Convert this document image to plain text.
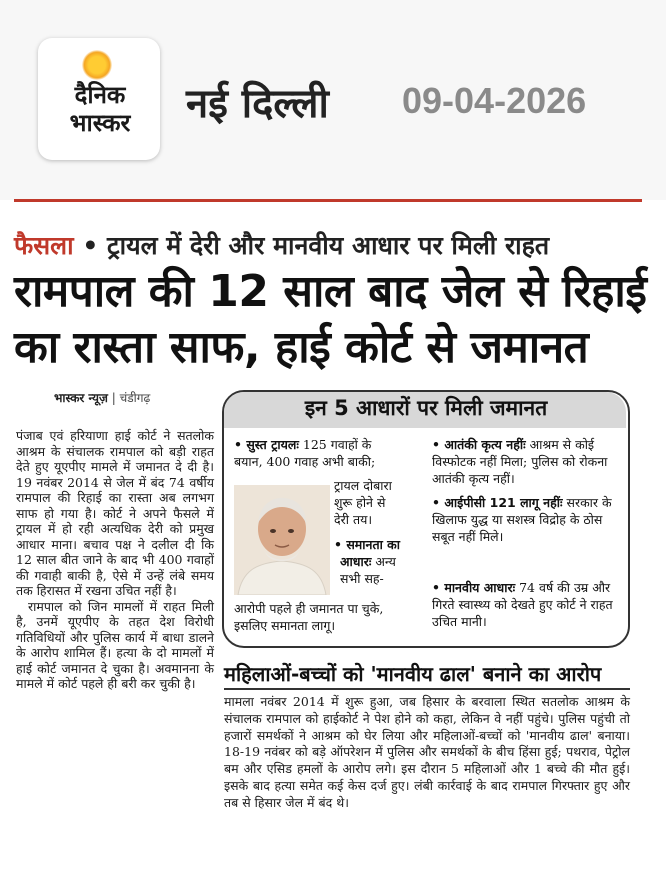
दैनिक
भास्कर	नई दिल्ली 09-04-2026
फैसला • ट्रायल में देरी और मानवीय आधार पर मिली राहत
रामपाल की 12 साल बाद जेल से रिहाई
का रास्ता साफ, हाई कोर्ट से जमानत
भास्कर न्यूज़ | चंडीगढ़

पंजाब एवं हरियाणा हाई कोर्ट ने सतलोक आश्रम के संचालक रामपाल को बड़ी राहत देते हुए यूएपीए मामले में जमानत दे दी है। 19 नवंबर 2014 से जेल में बंद 74 वर्षीय रामपाल की रिहाई का रास्ता अब लगभग साफ हो गया है। कोर्ट ने अपने फैसले में ट्रायल में हो रही अत्यधिक देरी को प्रमुख आधार माना। बचाव पक्ष ने दलील दी कि 12 साल बीत जाने के बाद भी 400 गवाहों की गवाही बाकी है, ऐसे में उन्हें लंबे समय तक हिरासत में रखना उचित नहीं है।

रामपाल को जिन मामलों में राहत मिली है, उनमें यूएपीए के तहत देश विरोधी गतिविधियों और पुलिस कार्य में बाधा डालने के आरोप शामिल हैं। हत्या के दो मामलों में हाई कोर्ट जमानत दे चुका है। अवमानना के मामले में कोर्ट पहले ही बरी कर चुकी है।

इन 5 आधारों पर मिली जमानत
• सुस्त ट्रायलः 125 गवाहों के
बयान, 400 गवाह अभी बाकी;
ट्रायल दोबारा
शुरू होने से
देरी तय।
• समानता का
आधारः अन्य
सभी सह-
आरोपी पहले ही जमानत पा चुके,
इसलिए समानता लागू।
• आतंकी कृत्य नहींः आश्रम से कोई विस्फोटक नहीं मिला; पुलिस को रोकना आतंकी कृत्य नहीं।
• आईपीसी 121 लागू नहींः सरकार के खिलाफ युद्ध या सशस्त्र विद्रोह के ठोस सबूत नहीं मिले।
• मानवीय आधारः 74 वर्ष की उम्र और गिरते स्वास्थ्य को देखते हुए कोर्ट ने राहत उचित मानी।
महिलाओं-बच्चों को 'मानवीय ढाल' बनाने का आरोप
मामला नवंबर 2014 में शुरू हुआ, जब हिसार के बरवाला स्थित सतलोक आश्रम के संचालक रामपाल को हाईकोर्ट ने पेश होने को कहा, लेकिन वे नहीं पहुंचे। पुलिस पहुंची तो हजारों समर्थकों ने आश्रम को घेर लिया और महिलाओं-बच्चों को 'मानवीय ढाल' बनाया। 18-19 नवंबर को बड़े ऑपरेशन में पुलिस और समर्थकों के बीच हिंसा हुई; पथराव, पेट्रोल बम और एसिड हमलों के आरोप लगे। इस दौरान 5 महिलाओं और 1 बच्चे की मौत हुई। इसके बाद हत्या समेत कई केस दर्ज हुए। लंबी कार्रवाई के बाद रामपाल गिरफ्तार हुए और तब से हिसार जेल में बंद थे।
